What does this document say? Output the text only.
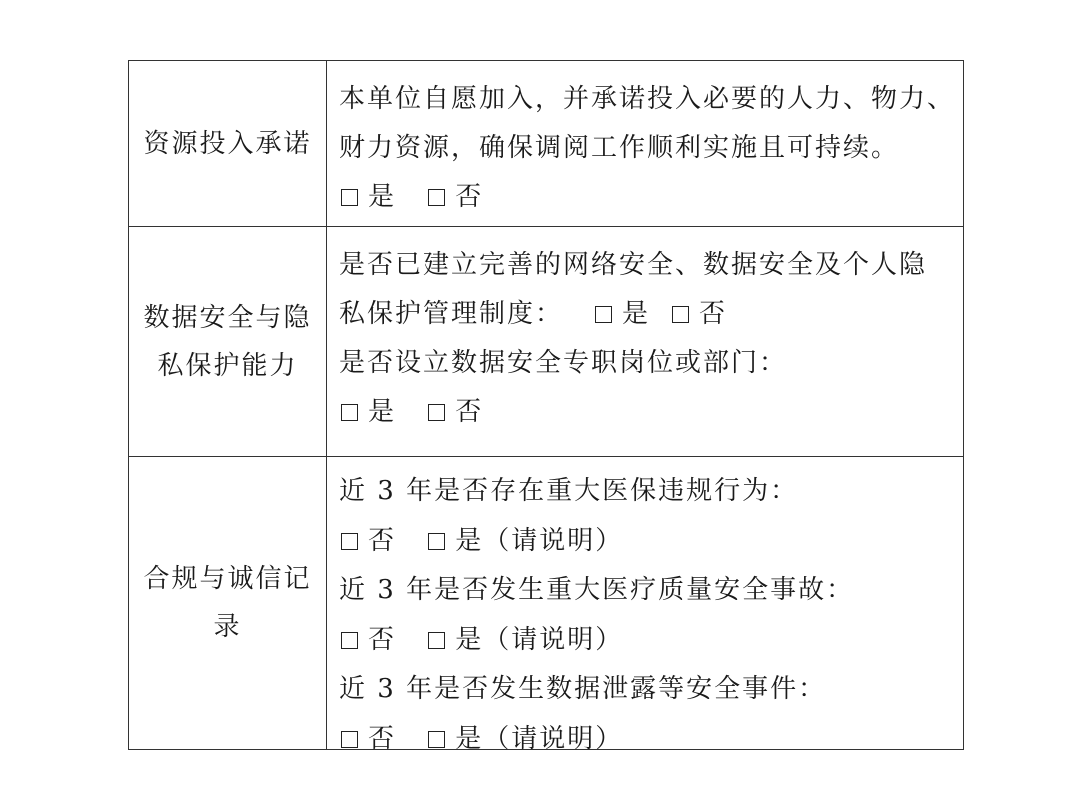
资源投入承诺
本单位自愿加入，并承诺投入必要的人力、物力、
财力资源，确保调阅工作顺利实施且可持续。
是 否
数据安全与隐
私保护能力
是否已建立完善的网络安全、数据安全及个人隐
私保护管理制度： 是 否
是否设立数据安全专职岗位或部门：
是 否
合规与诚信记
录
近 3 年是否存在重大医保违规行为：
否 是（请说明）
近 3 年是否发生重大医疗质量安全事故：
否 是（请说明）
近 3 年是否发生数据泄露等安全事件：
否 是（请说明）
